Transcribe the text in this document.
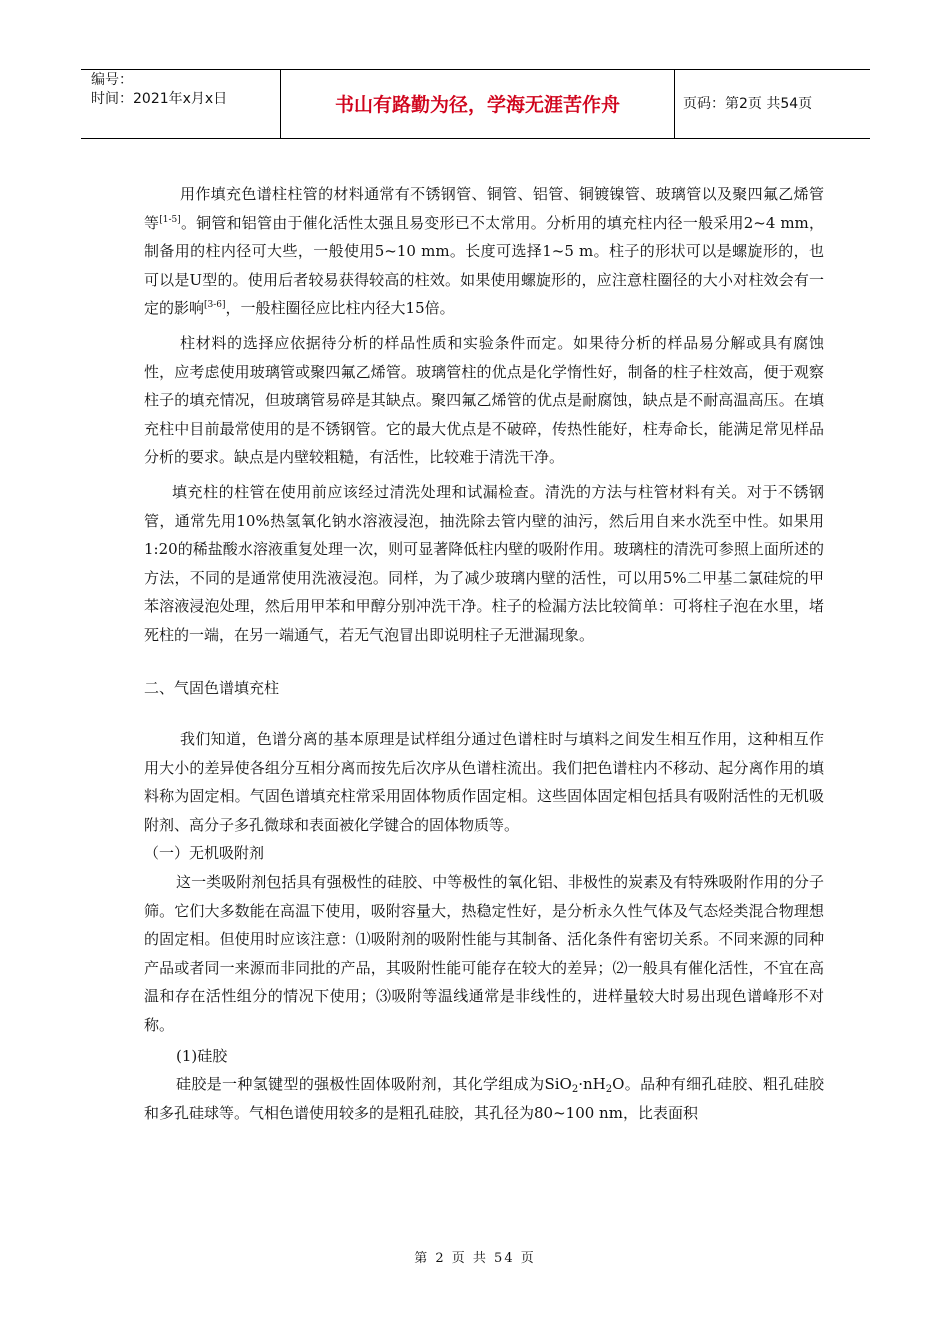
编号：
时间：2021年x月x日	书山有路勤为径，学海无涯苦作舟	页码：第2页 共54页

用作填充色谱柱柱管的材料通常有不锈钢管、铜管、铝管、铜镀镍管、玻璃管以及聚四氟乙烯管等[1-5]。铜管和铝管由于催化活性太强且易变形已不太常用。分析用的填充柱内径一般采用2~4 mm，制备用的柱内径可大些，一般使用5~10 mm。长度可选择1~5 m。柱子的形状可以是螺旋形的，也可以是U型的。使用后者较易获得较高的柱效。如果使用螺旋形的，应注意柱圈径的大小对柱效会有一定的影响[3-6]，一般柱圈径应比柱内径大15倍。

柱材料的选择应依据待分析的样品性质和实验条件而定。如果待分析的样品易分解或具有腐蚀性，应考虑使用玻璃管或聚四氟乙烯管。玻璃管柱的优点是化学惰性好，制备的柱子柱效高，便于观察柱子的填充情况，但玻璃管易碎是其缺点。聚四氟乙烯管的优点是耐腐蚀，缺点是不耐高温高压。在填充柱中目前最常使用的是不锈钢管。它的最大优点是不破碎，传热性能好，柱寿命长，能满足常见样品分析的要求。缺点是内壁较粗糙，有活性，比较难于清洗干净。

填充柱的柱管在使用前应该经过清洗处理和试漏检查。清洗的方法与柱管材料有关。对于不锈钢管，通常先用10%热氢氧化钠水溶液浸泡，抽洗除去管内壁的油污，然后用自来水洗至中性。如果用1:20的稀盐酸水溶液重复处理一次，则可显著降低柱内壁的吸附作用。玻璃柱的清洗可参照上面所述的方法，不同的是通常使用洗液浸泡。同样，为了减少玻璃内壁的活性，可以用5%二甲基二氯硅烷的甲苯溶液浸泡处理，然后用甲苯和甲醇分别冲洗干净。柱子的检漏方法比较简单：可将柱子泡在水里，堵死柱的一端，在另一端通气，若无气泡冒出即说明柱子无泄漏现象。

二、气固色谱填充柱

我们知道，色谱分离的基本原理是试样组分通过色谱柱时与填料之间发生相互作用，这种相互作用大小的差异使各组分互相分离而按先后次序从色谱柱流出。我们把色谱柱内不移动、起分离作用的填料称为固定相。气固色谱填充柱常采用固体物质作固定相。这些固体固定相包括具有吸附活性的无机吸附剂、高分子多孔微球和表面被化学键合的固体物质等。

（一）无机吸附剂

这一类吸附剂包括具有强极性的硅胶、中等极性的氧化铝、非极性的炭素及有特殊吸附作用的分子筛。它们大多数能在高温下使用，吸附容量大，热稳定性好，是分析永久性气体及气态烃类混合物理想的固定相。但使用时应该注意：⑴吸附剂的吸附性能与其制备、活化条件有密切关系。不同来源的同种产品或者同一来源而非同批的产品，其吸附性能可能存在较大的差异；⑵一般具有催化活性，不宜在高温和存在活性组分的情况下使用；⑶吸附等温线通常是非线性的，进样量较大时易出现色谱峰形不对称。

(1)硅胶

硅胶是一种氢键型的强极性固体吸附剂，其化学组成为$SiO_2\cdot nH_2O$。品种有细孔硅胶、粗孔硅胶和多孔硅球等。气相色谱使用较多的是粗孔硅胶，其孔径为80~100 nm，比表面积

第 2 页 共 54 页
